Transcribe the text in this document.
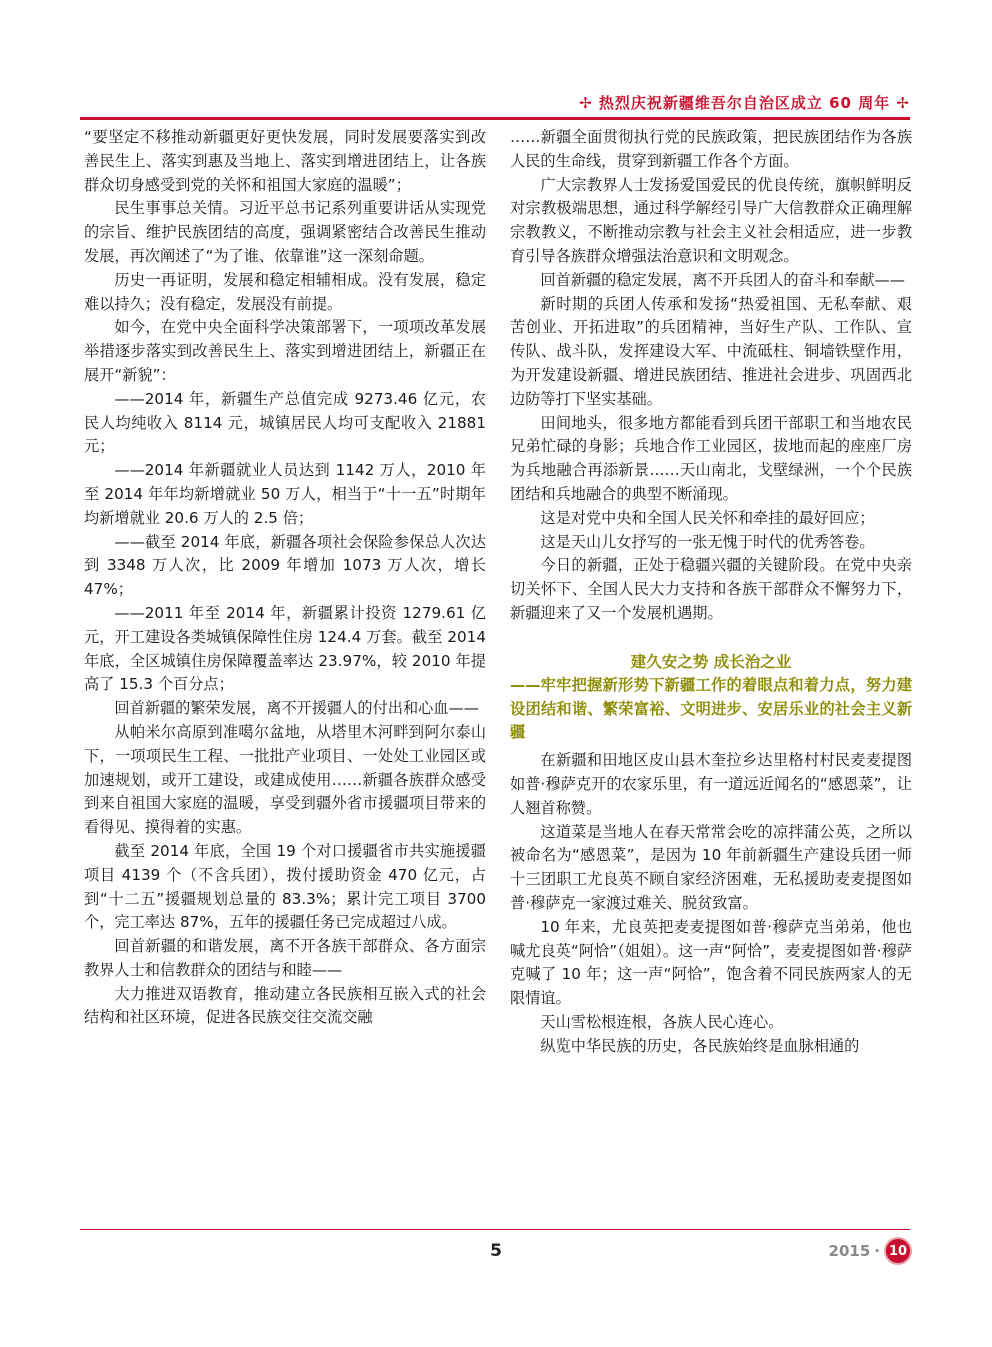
✢ 热烈庆祝新疆维吾尔自治区成立 60 周年 ✢

“要坚定不移推动新疆更好更快发展，同时发展要落实到改善民生上、落实到惠及当地上、落实到增进团结上，让各族群众切身感受到党的关怀和祖国大家庭的温暖”；

民生事事总关情。习近平总书记系列重要讲话从实现党的宗旨、维护民族团结的高度，强调紧密结合改善民生推动发展，再次阐述了“为了谁、依靠谁”这一深刻命题。

历史一再证明，发展和稳定相辅相成。没有发展，稳定难以持久；没有稳定，发展没有前提。

如今，在党中央全面科学决策部署下，一项项改革发展举措逐步落实到改善民生上、落实到增进团结上，新疆正在展开“新貌”：

——2014 年，新疆生产总值完成 9273.46 亿元，农民人均纯收入 8114 元，城镇居民人均可支配收入 21881 元；

——2014 年新疆就业人员达到 1142 万人，2010 年至 2014 年年均新增就业 50 万人，相当于“十一五”时期年均新增就业 20.6 万人的 2.5 倍；

——截至 2014 年底，新疆各项社会保险参保总人次达到 3348 万人次，比 2009 年增加 1073 万人次，增长 47%；

——2011 年至 2014 年，新疆累计投资 1279.61 亿元，开工建设各类城镇保障性住房 124.4 万套。截至 2014 年底，全区城镇住房保障覆盖率达 23.97%，较 2010 年提高了 15.3 个百分点；

回首新疆的繁荣发展，离不开援疆人的付出和心血——

从帕米尔高原到准噶尔盆地，从塔里木河畔到阿尔泰山下，一项项民生工程、一批批产业项目、一处处工业园区或加速规划，或开工建设，或建成使用……新疆各族群众感受到来自祖国大家庭的温暖，享受到疆外省市援疆项目带来的看得见、摸得着的实惠。

截至 2014 年底，全国 19 个对口援疆省市共实施援疆项目 4139 个（不含兵团），拨付援助资金 470 亿元，占到“十二五”援疆规划总量的 83.3%；累计完工项目 3700 个，完工率达 87%，五年的援疆任务已完成超过八成。

回首新疆的和谐发展，离不开各族干部群众、各方面宗教界人士和信教群众的团结与和睦——

大力推进双语教育，推动建立各民族相互嵌入式的社会结构和社区环境，促进各民族交往交流交融

……新疆全面贯彻执行党的民族政策，把民族团结作为各族人民的生命线，贯穿到新疆工作各个方面。

广大宗教界人士发扬爱国爱民的优良传统，旗帜鲜明反对宗教极端思想，通过科学解经引导广大信教群众正确理解宗教教义，不断推动宗教与社会主义社会相适应，进一步教育引导各族群众增强法治意识和文明观念。

回首新疆的稳定发展，离不开兵团人的奋斗和奉献——

新时期的兵团人传承和发扬“热爱祖国、无私奉献、艰苦创业、开拓进取”的兵团精神，当好生产队、工作队、宣传队、战斗队，发挥建设大军、中流砥柱、铜墙铁壁作用，为开发建设新疆、增进民族团结、推进社会进步、巩固西北边防等打下坚实基础。

田间地头，很多地方都能看到兵团干部职工和当地农民兄弟忙碌的身影；兵地合作工业园区，拔地而起的座座厂房为兵地融合再添新景……天山南北，戈壁绿洲，一个个民族团结和兵地融合的典型不断涌现。

这是对党中央和全国人民关怀和牵挂的最好回应；

这是天山儿女抒写的一张无愧于时代的优秀答卷。

今日的新疆，正处于稳疆兴疆的关键阶段。在党中央亲切关怀下、全国人民大力支持和各族干部群众不懈努力下，新疆迎来了又一个发展机遇期。

建久安之势 成长治之业
——牢牢把握新形势下新疆工作的着眼点和着力点，努力建设团结和谐、繁荣富裕、文明进步、安居乐业的社会主义新疆

在新疆和田地区皮山县木奎拉乡达里格村村民麦麦提图如普·穆萨克开的农家乐里，有一道远近闻名的“感恩菜”，让人翘首称赞。

这道菜是当地人在春天常常会吃的凉拌蒲公英，之所以被命名为“感恩菜”，是因为 10 年前新疆生产建设兵团一师十三团职工尤良英不顾自家经济困难，无私援助麦麦提图如普·穆萨克一家渡过难关、脱贫致富。

10 年来，尤良英把麦麦提图如普·穆萨克当弟弟，他也喊尤良英“阿恰”（姐姐）。这一声“阿恰”，麦麦提图如普·穆萨克喊了 10 年；这一声“阿恰”，饱含着不同民族两家人的无限情谊。

天山雪松根连根，各族人民心连心。

纵览中华民族的历史，各民族始终是血脉相通的

5	2015 · 10
